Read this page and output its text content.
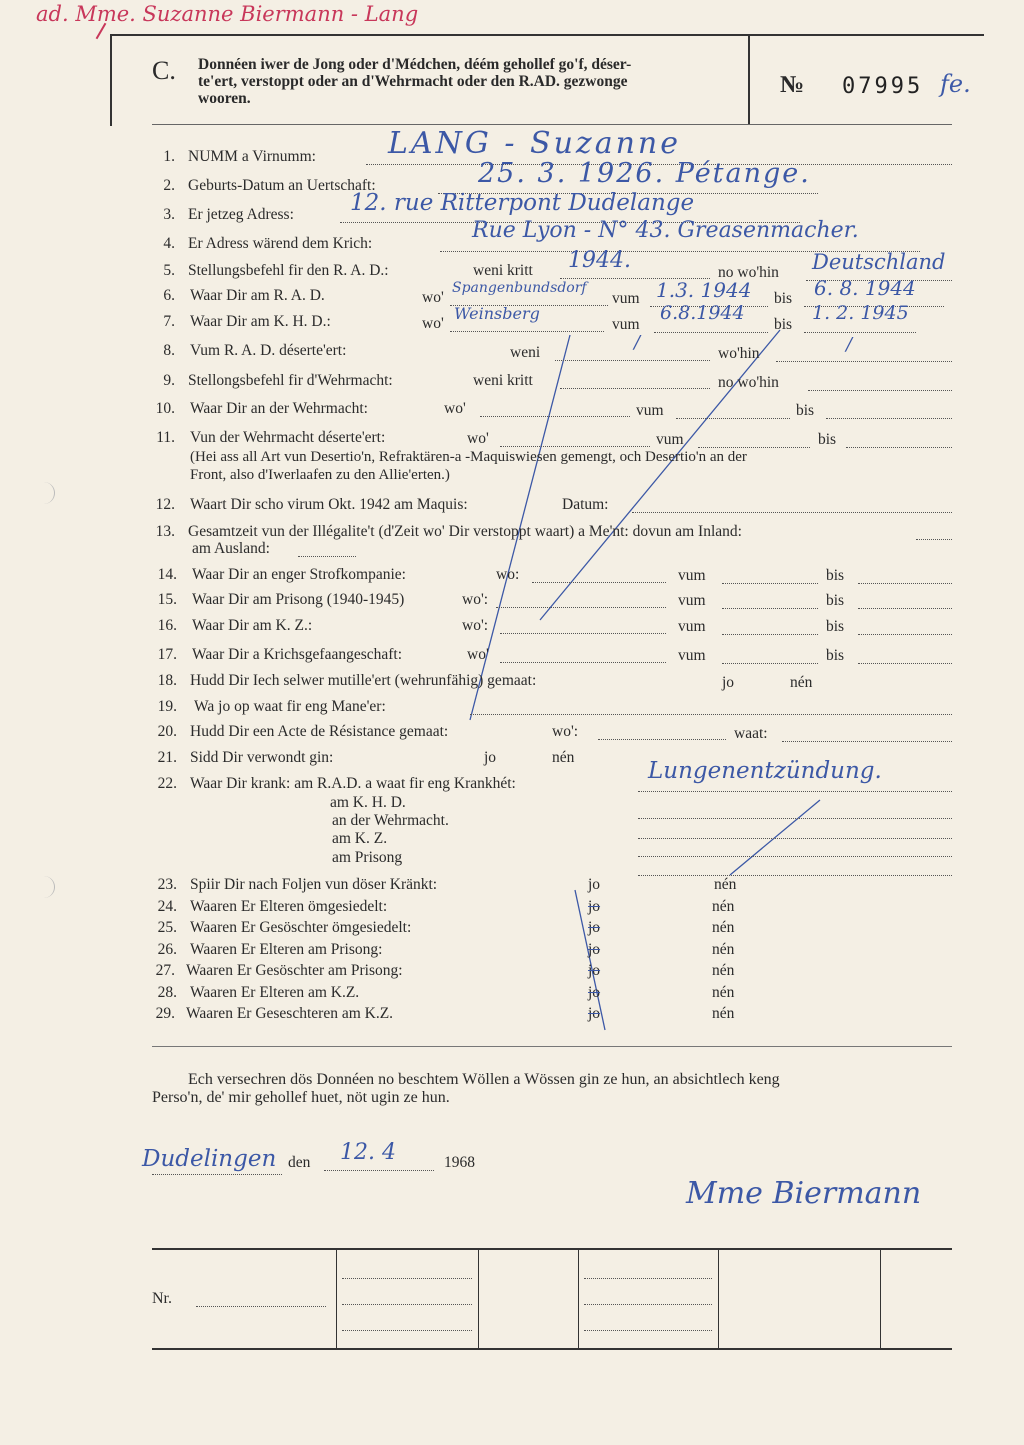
ad. Mme. Suzanne Biermann - Lang
C. Donnéen iwer de Jong oder d'Médchen, déém gehollef go'f, déser-
te'ert, verstoppt oder an d'Wehrmacht oder den R.AD. gezwonge
wooren.
№ 07995 fe.
1. NUMM a Virnumm: LANG - Suzanne
2. Geburts-Datum an Uertschaft:	25. 3. 1926. Pétange.
3. Er jetzeg Adress: 12. rue Ritterpont Dudelange
4. Er Adress wärend dem Krich:
Rue Lyon - N° 43. Greasenmacher.
5. Stellungsbefehl fir den R. A. D.:	weni kritt 1944.	no wo'hin Deutschland
6. Waar Dir am R. A. D.	wo'
Spangenbundsdorf
vum 1.3. 1944 bis 6. 8. 1944
7. Waar Dir am K. H. D.:	wo'
Weinsberg
vum
6.8.1944
bis
1. 2. 1945
8. Vum R. A. D. déserte'ert:	weni	/
wo'hin	/
9. Stellongsbefehl fir d'Wehrmacht:	weni kritt	no wo'hin
10. Waar Dir an der Wehrmacht:	wo'	vum	bis
11. Vun der Wehrmacht déserte'ert:	wo'	vum	bis
(Hei ass all Art vun Desertio'n, Refraktären-a -Maquiswiesen gemengt, och Desertio'n an der
Front, also d'Iwerlaafen zu den Allie'erten.)
12. Waart Dir scho virum Okt. 1942 am Maquis:	Datum:
13. Gesamtzeit vun der Illégalite't (d'Zeit wo' Dir verstoppt waart) a Me'nt: dovun am Inland:
am Ausland:
14. Waar Dir an enger Strofkompanie:	wo:	vum	bis
15. Waar Dir am Prisong (1940-1945)	wo':	vum	bis
16. Waar Dir am K. Z.:	wo':	vum	bis
17. Waar Dir a Krichsgefaangeschaft:	wo'	vum	bis
18. Hudd Dir Iech selwer mutille'ert (wehrunfähig) gemaat:	jo	nén
19. Wa jo op waat fir eng Mane'er:
20. Hudd Dir een Acte de Résistance gemaat:	wo':	waat:
21. Sidd Dir verwondt gin:	jo	nén
22. Waar Dir krank: am R.A.D. a waat fir eng Krankhét:	Lungenentzündung.
am K. H. D.
an der Wehrmacht.
am K. Z.
am Prisong
23. Spiir Dir nach Foljen vun döser Kränkt:	jo	nén
24. Waaren Er Elteren ömgesiedelt:	jo	nén
25. Waaren Er Gesöschter ömgesiedelt:	jo	nén
26. Waaren Er Elteren am Prisong:	jo	nén
27. Waaren Er Gesöschter am Prisong:	jo	nén
28. Waaren Er Elteren am K.Z.	jo	nén
29. Waaren Er Geseschteren am K.Z.	jo	nén
Ech versechren dös Donnéen no beschtem Wöllen a Wössen gin ze hun, an absichtlech keng
Perso'n, de' mir gehollef huet, nöt ugin ze hun.
Dudelingen den 12. 4	1968
Mme Biermann
Nr.
